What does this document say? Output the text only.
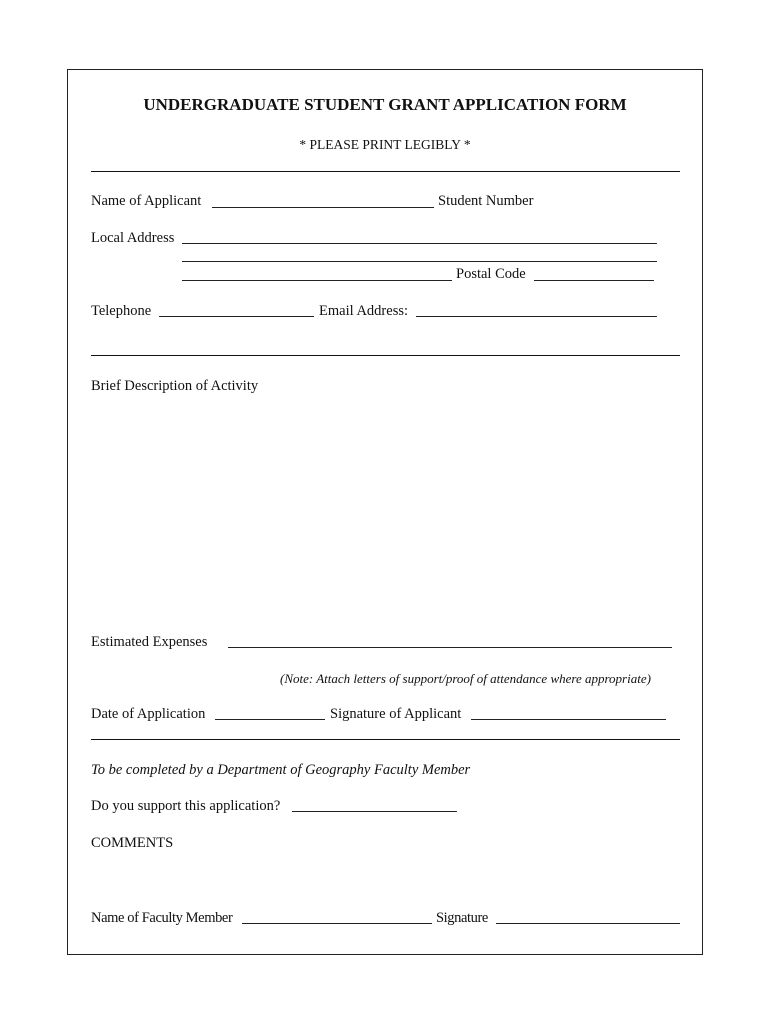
UNDERGRADUATE STUDENT GRANT APPLICATION FORM
* PLEASE PRINT LEGIBLY *
Name of Applicant	Student Number
Local Address
Postal Code
Telephone	Email Address:
Brief Description of Activity
Estimated Expenses
(Note: Attach letters of support/proof of attendance where appropriate)
Date of Application	Signature of Applicant
To be completed by a Department of Geography Faculty Member
Do you support this application?
COMMENTS
Name of Faculty Member	Signature
